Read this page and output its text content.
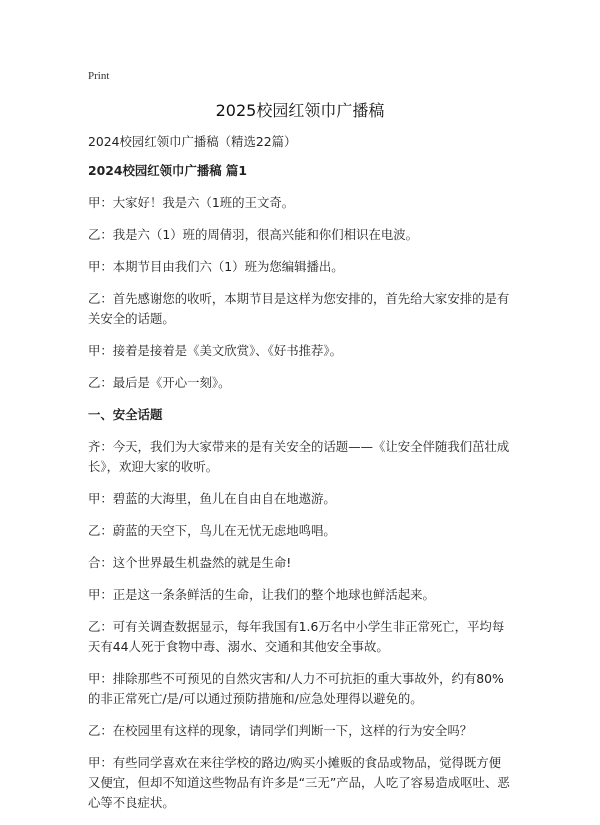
Print
2025校园红领巾广播稿
2024校园红领巾广播稿（精选22篇）
2024校园红领巾广播稿 篇1
甲：大家好！我是六（1班的王文奇。
乙：我是六（1）班的周倩羽，很高兴能和你们相识在电波。
甲：本期节目由我们六（1）班为您编辑播出。
乙：首先感谢您的收听，本期节目是这样为您安排的，首先给大家安排的是有关安全的话题。
甲：接着是接着是《美文欣赏》、《好书推荐》。
乙：最后是《开心一刻》。
一、安全话题
齐：今天，我们为大家带来的是有关安全的话题——《让安全伴随我们茁壮成长》，欢迎大家的收听。
甲：碧蓝的大海里，鱼儿在自由自在地遨游。
乙：蔚蓝的天空下，鸟儿在无忧无虑地鸣唱。
合：这个世界最生机盎然的就是生命!
甲：正是这一条条鲜活的生命，让我们的整个地球也鲜活起来。
乙：可有关调查数据显示，每年我国有1.6万名中小学生非正常死亡，平均每天有44人死于食物中毒、溺水、交通和其他安全事故。
甲：排除那些不可预见的自然灾害和/人力不可抗拒的重大事故外，约有80%的非正常死亡/是/可以通过预防措施和/应急处理得以避免的。
乙：在校园里有这样的现象，请同学们判断一下，这样的行为安全吗？
甲：有些同学喜欢在来往学校的路边/购买小摊贩的食品或物品，觉得既方便又便宜，但却不知道这些物品有许多是“三无”产品，人吃了容易造成呕吐、恶心等不良症状。
